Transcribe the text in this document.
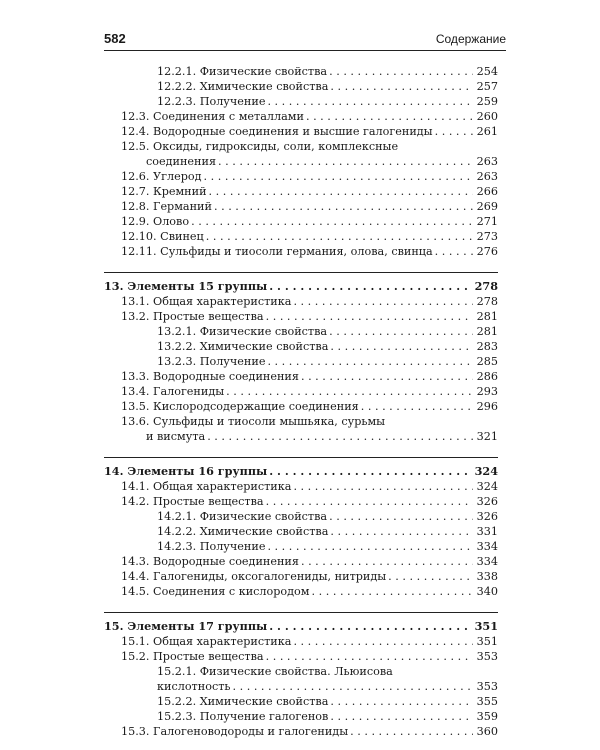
582	Содержание
12.2.1. Физические свойства . . .	254
12.2.2. Химические свойства . . .	257
12.2.3. Получение . . .	259
12.3. Соединения с металлами . . .	260
12.4. Водородные соединения и высшие галогениды . . .	261
12.5. Оксиды, гидроксиды, соли, комплексные
соединения . . .	263
12.6. Углерод . . .	263
12.7. Кремний . . .	266
12.8. Германий . . .	269
12.9. Олово . . .	271
12.10. Свинец . . .	273
12.11. Сульфиды и тиосоли германия, олова, свинца . . .	276
13. Элементы 15 группы . . .	278
13.1. Общая характеристика . . .	278
13.2. Простые вещества . . .	281
13.2.1. Физические свойства . . .	281
13.2.2. Химические свойства . . .	283
13.2.3. Получение . . .	285
13.3. Водородные соединения . . .	286
13.4. Галогениды . . .	293
13.5. Кислородсодержащие соединения . . .	296
13.6. Сульфиды и тиосоли мышьяка, сурьмы
и висмута . . .	321
14. Элементы 16 группы . . .	324
14.1. Общая характеристика . . .	324
14.2. Простые вещества . . .	326
14.2.1. Физические свойства . . .	326
14.2.2. Химические свойства . . .	331
14.2.3. Получение . . .	334
14.3. Водородные соединения . . .	334
14.4. Галогениды, оксогалогениды, нитриды . . .	338
14.5. Соединения с кислородом . . .	340
15. Элементы 17 группы . . .	351
15.1. Общая характеристика . . .	351
15.2. Простые вещества . . .	353
15.2.1. Физические свойства. Льюисова
кислотность . . .	353
15.2.2. Химические свойства . . .	355
15.2.3. Получение галогенов . . .	359
15.3. Галогеноводороды и галогениды . . .	360
